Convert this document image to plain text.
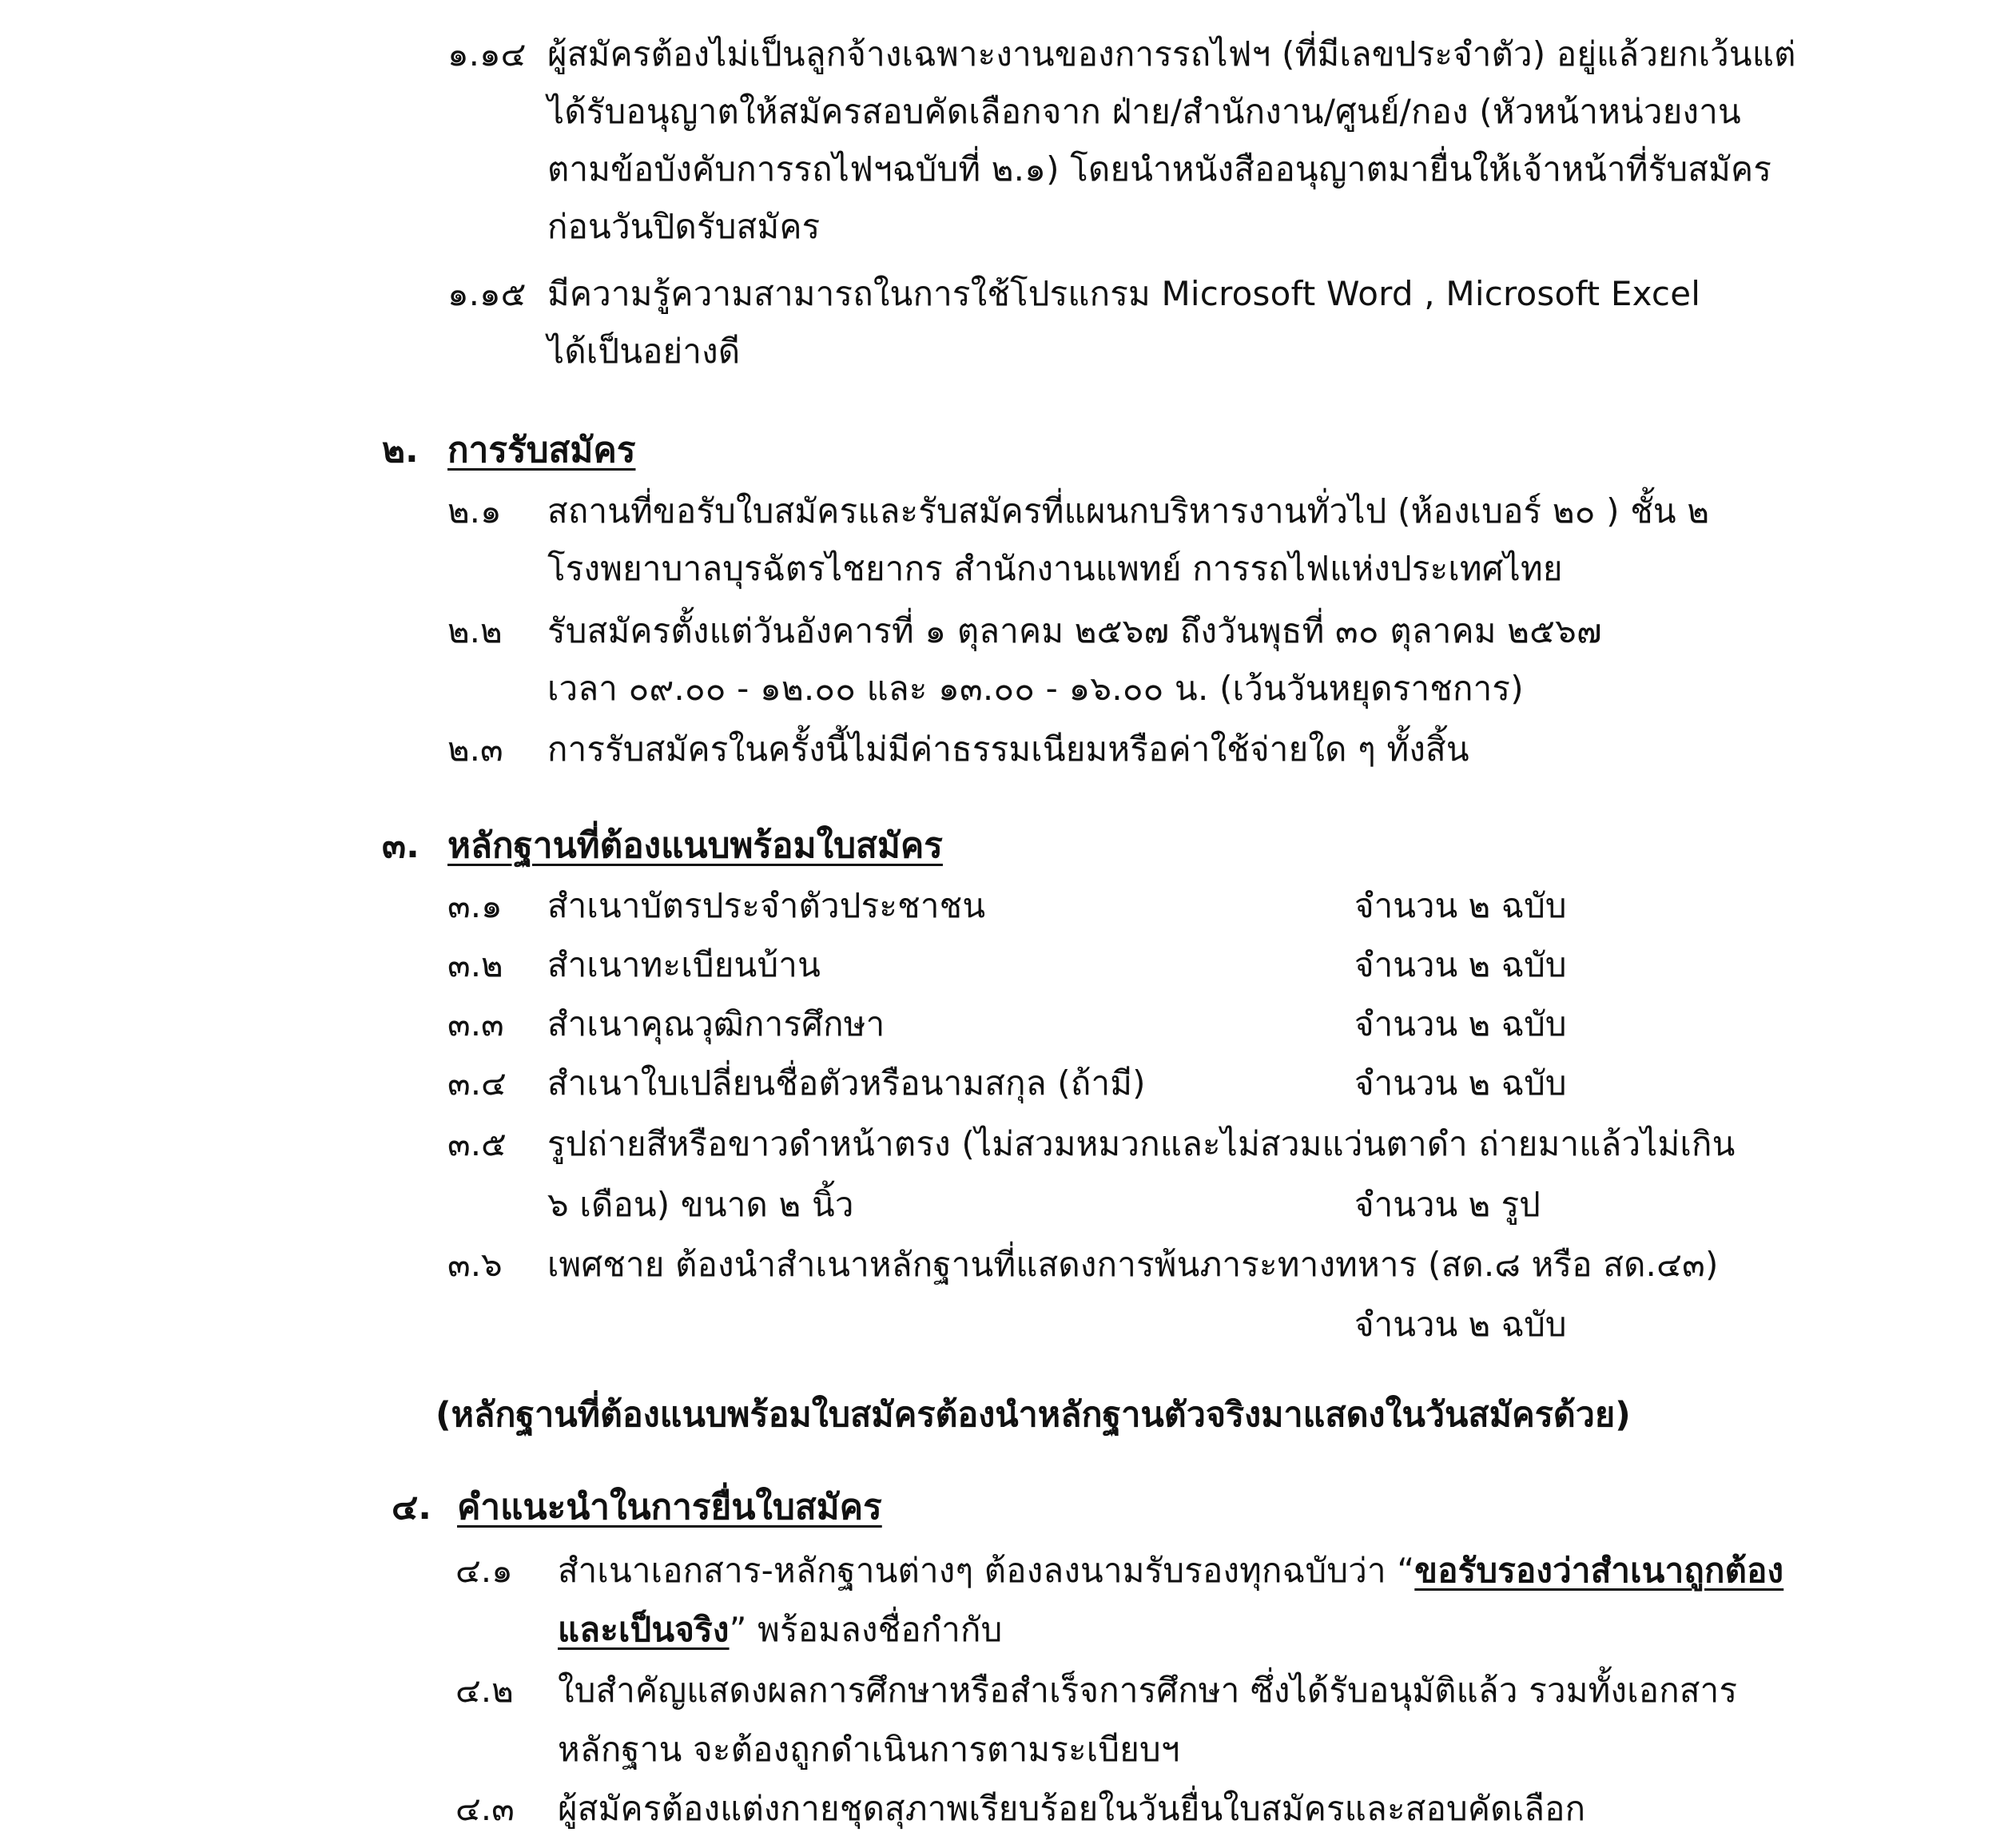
๑.๑๔ ผู้สมัครต้องไม่เป็นลูกจ้างเฉพาะงานของการรถไฟฯ (ที่มีเลขประจำตัว) อยู่แล้วยกเว้นแต่
ได้รับอนุญาตให้สมัครสอบคัดเลือกจาก ฝ่าย/สำนักงาน/ศูนย์/กอง (หัวหน้าหน่วยงาน
ตามข้อบังคับการรถไฟฯฉบับที่ ๒.๑) โดยนำหนังสืออนุญาตมายื่นให้เจ้าหน้าที่รับสมัคร
ก่อนวันปิดรับสมัคร
๑.๑๕ มีความรู้ความสามารถในการใช้โปรแกรม Microsoft Word , Microsoft Excel
ได้เป็นอย่างดี
๒. การรับสมัคร
๒.๑ สถานที่ขอรับใบสมัครและรับสมัครที่แผนกบริหารงานทั่วไป (ห้องเบอร์ ๒๐ ) ชั้น ๒
โรงพยาบาลบุรฉัตรไชยากร สำนักงานแพทย์ การรถไฟแห่งประเทศไทย
๒.๒ รับสมัครตั้งแต่วันอังคารที่ ๑ ตุลาคม ๒๕๖๗ ถึงวันพุธที่ ๓๐ ตุลาคม ๒๕๖๗
เวลา ๐๙.๐๐ - ๑๒.๐๐ และ ๑๓.๐๐ - ๑๖.๐๐ น. (เว้นวันหยุดราชการ)
๒.๓ การรับสมัครในครั้งนี้ไม่มีค่าธรรมเนียมหรือค่าใช้จ่ายใด ๆ ทั้งสิ้น
๓. หลักฐานที่ต้องแนบพร้อมใบสมัคร
๓.๑ สำเนาบัตรประจำตัวประชาชน	จำนวน ๒ ฉบับ
๓.๒ สำเนาทะเบียนบ้าน	จำนวน ๒ ฉบับ
๓.๓ สำเนาคุณวุฒิการศึกษา	จำนวน ๒ ฉบับ
๓.๔ สำเนาใบเปลี่ยนชื่อตัวหรือนามสกุล (ถ้ามี)	จำนวน ๒ ฉบับ
๓.๕ รูปถ่ายสีหรือขาวดำหน้าตรง (ไม่สวมหมวกและไม่สวมแว่นตาดำ ถ่ายมาแล้วไม่เกิน
๖ เดือน) ขนาด ๒ นิ้ว	จำนวน ๒ รูป
๓.๖ เพศชาย ต้องนำสำเนาหลักฐานที่แสดงการพ้นภาระทางทหาร (สด.๘ หรือ สด.๔๓)
จำนวน ๒ ฉบับ
(หลักฐานที่ต้องแนบพร้อมใบสมัครต้องนำหลักฐานตัวจริงมาแสดงในวันสมัครด้วย)
๔. คำแนะนำในการยื่นใบสมัคร
๔.๑ สำเนาเอกสาร-หลักฐานต่างๆ ต้องลงนามรับรองทุกฉบับว่า “ขอรับรองว่าสำเนาถูกต้อง
และเป็นจริง” พร้อมลงชื่อกำกับ
๔.๒ ใบสำคัญแสดงผลการศึกษาหรือสำเร็จการศึกษา ซึ่งได้รับอนุมัติแล้ว รวมทั้งเอกสาร
หลักฐาน จะต้องถูกดำเนินการตามระเบียบฯ
๔.๓ ผู้สมัครต้องแต่งกายชุดสุภาพเรียบร้อยในวันยื่นใบสมัครและสอบคัดเลือก
